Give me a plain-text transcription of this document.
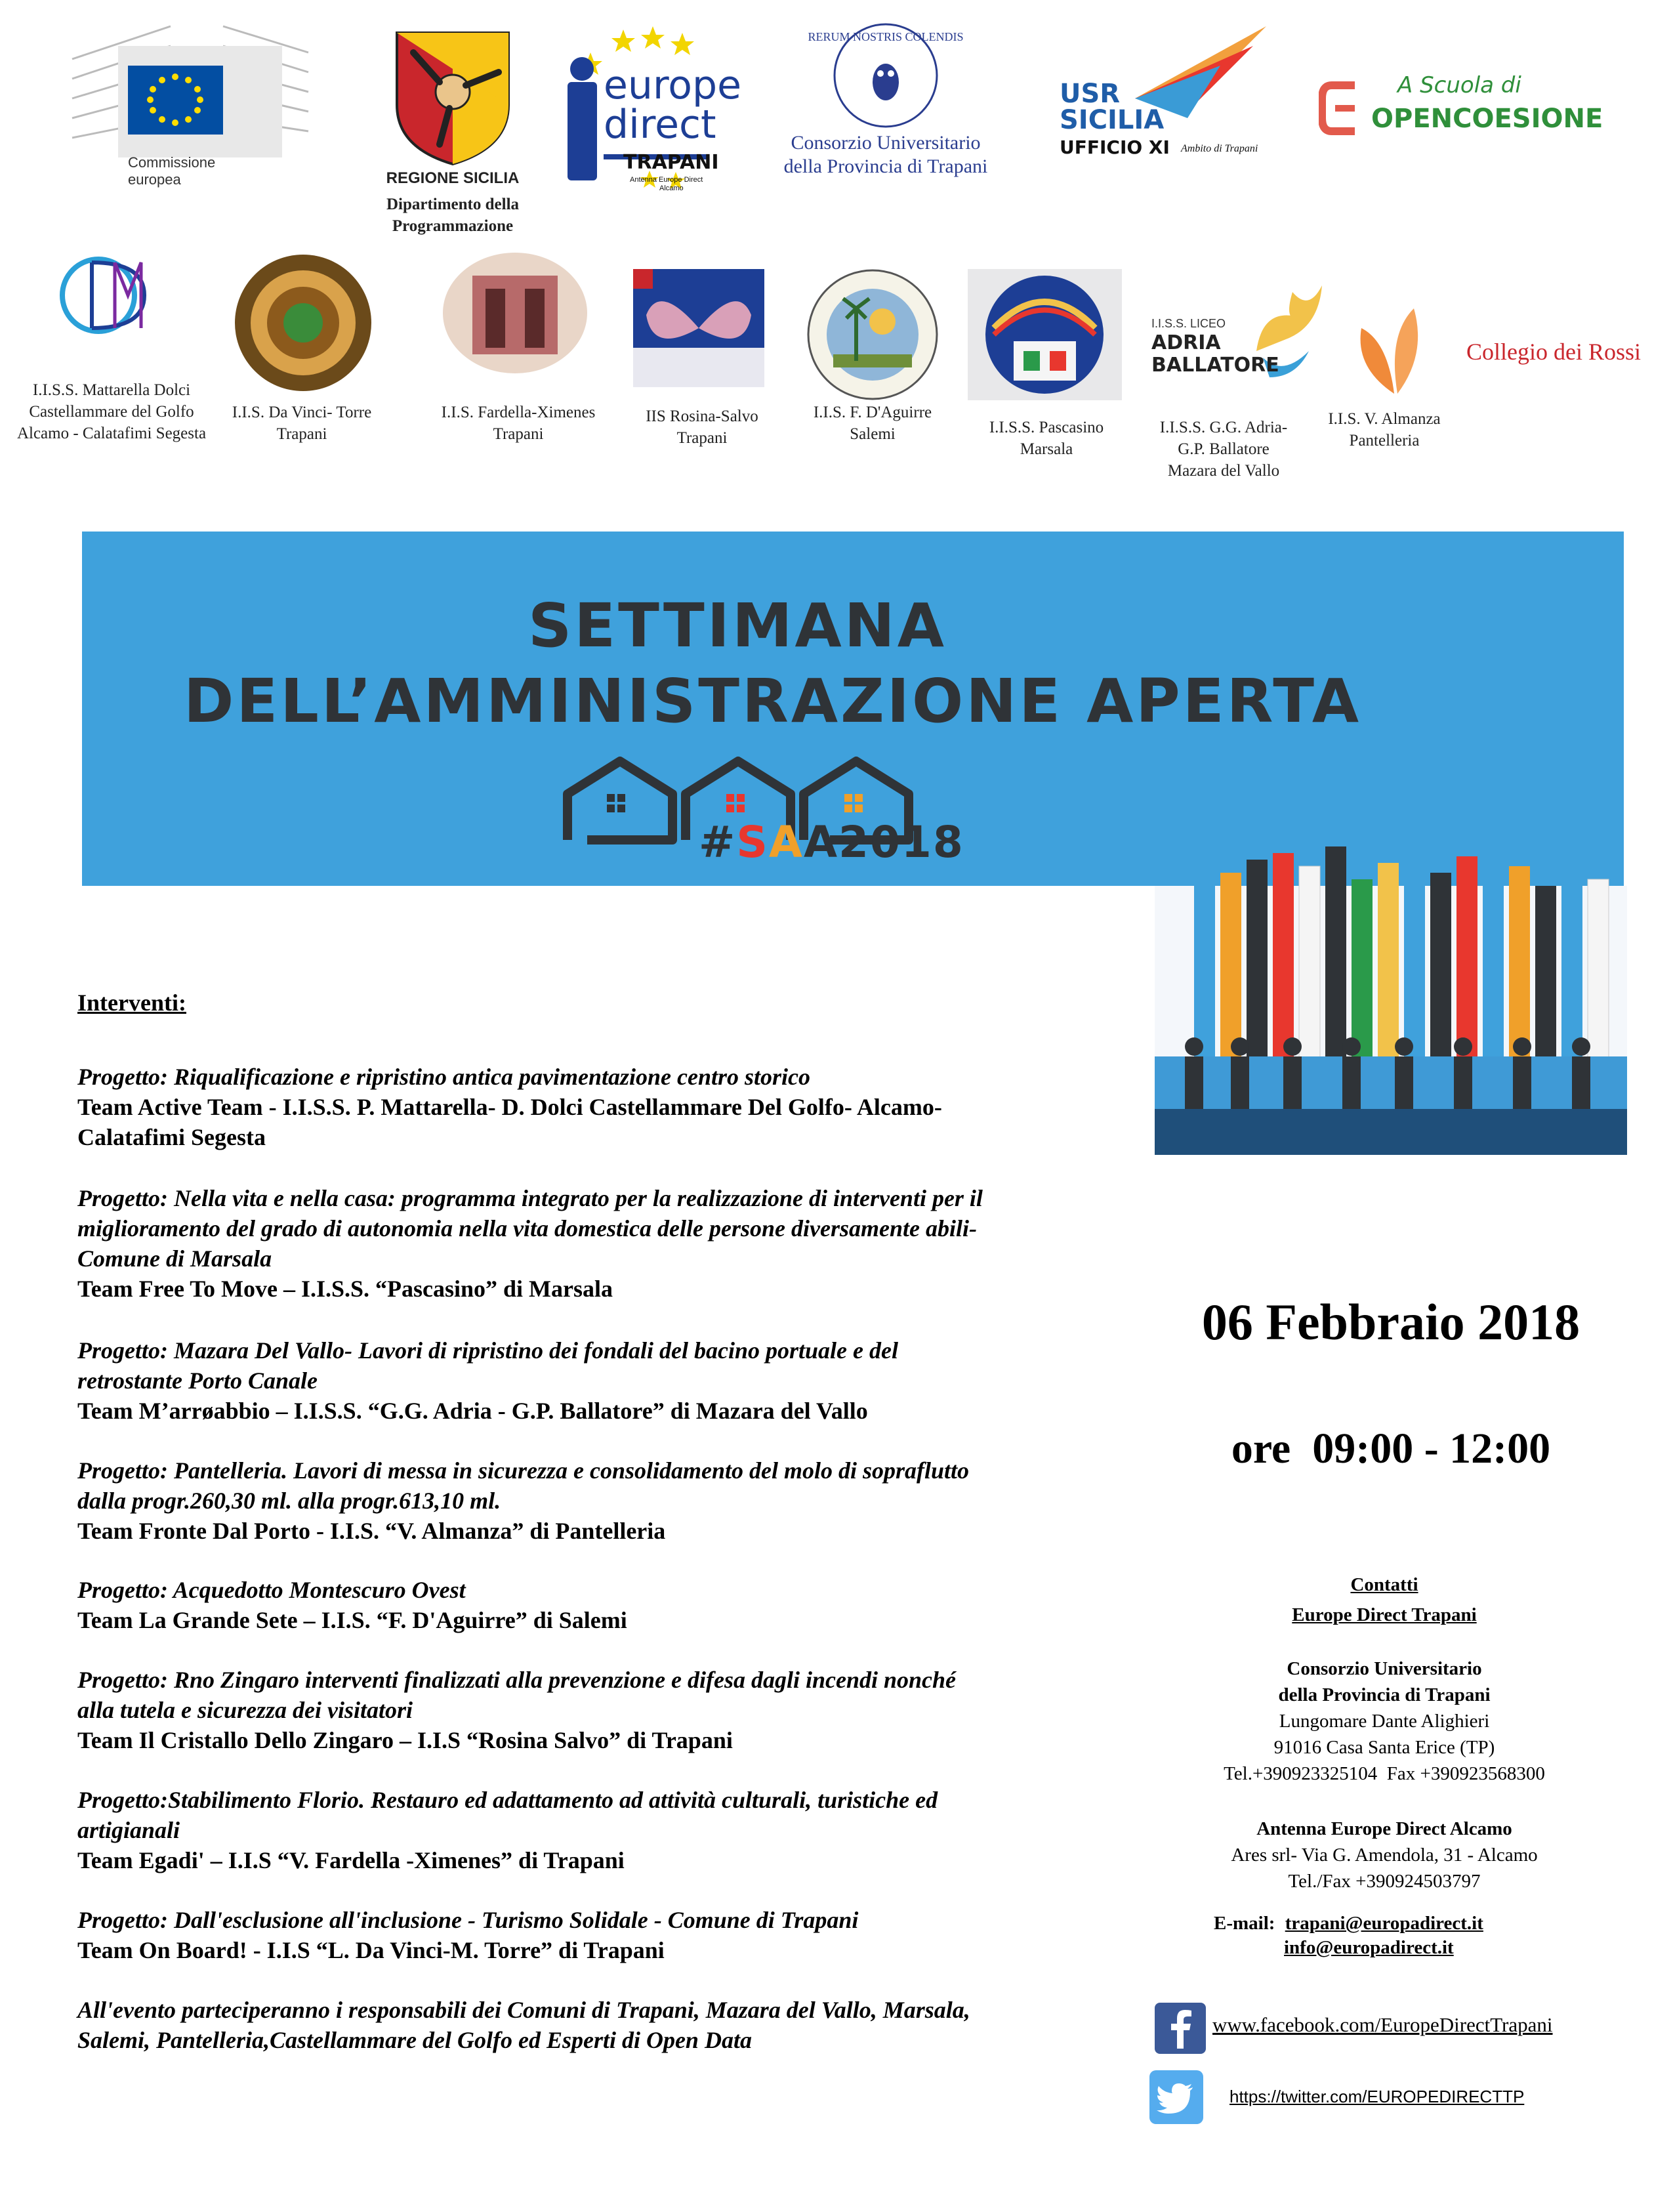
Commissione
europea	REGIONE SICILIA
Dipartimento della
Programmazione
europe
direct
TRAPANI
Antenna Europe Direct
Alcamo
RERUM NOSTRIS COLENDIS
Consorzio Universitario
della Provincia di Trapani
USR
SICILIA
UFFICIO XI Ambito di Trapani
A Scuola di
OPENCOESIONE
I.I.S.S. LICEO
ADRIA
BALLATORE
Collegio dei Rossi
I.I.S.S. Mattarella Dolci
Castellammare del Golfo
Alcamo - Calatafimi Segesta
I.I.S. Da Vinci- Torre
Trapani
I.I.S. Fardella-Ximenes
Trapani
IIS Rosina-Salvo
Trapani
I.I.S. F. D'Aguirre
Salemi	I.I.S.S. Pascasino
Marsala
I.I.S.S. G.G. Adria-
G.P. Ballatore
Mazara del Vallo
I.I.S. V. Almanza
Pantelleria
SETTIMANA
DELL’AMMINISTRAZIONE APERTA
#SAA2018
Interventi:
Progetto: Riqualificazione e ripristino antica pavimentazione centro storico
Team Active Team - I.I.S.S. P. Mattarella- D. Dolci Castellammare Del Golfo- Alcamo-
Calatafimi Segesta
Progetto: Nella vita e nella casa: programma integrato per la realizzazione di interventi per il
miglioramento del grado di autonomia nella vita domestica delle persone diversamente abili-
Comune di Marsala
Team Free To Move – I.I.S.S. “Pascasino” di Marsala
Progetto: Mazara Del Vallo- Lavori di ripristino dei fondali del bacino portuale e del
retrostante Porto Canale
Team M’arrøabbio – I.I.S.S. “G.G. Adria - G.P. Ballatore” di Mazara del Vallo
Progetto: Pantelleria. Lavori di messa in sicurezza e consolidamento del molo di sopraflutto
dalla progr.260,30 ml. alla progr.613,10 ml.
Team Fronte Dal Porto - I.I.S. “V. Almanza” di Pantelleria
Progetto: Acquedotto Montescuro Ovest
Team La Grande Sete – I.I.S. “F. D'Aguirre” di Salemi
Progetto: Rno Zingaro interventi finalizzati alla prevenzione e difesa dagli incendi nonché
alla tutela e sicurezza dei visitatori
Team Il Cristallo Dello Zingaro – I.I.S “Rosina Salvo” di Trapani
Progetto:Stabilimento Florio. Restauro ed adattamento ad attività culturali, turistiche ed
artigianali
Team Egadi' – I.I.S “V. Fardella -Ximenes” di Trapani
Progetto: Dall'esclusione all'inclusione - Turismo Solidale - Comune di Trapani
Team On Board! - I.I.S “L. Da Vinci-M. Torre” di Trapani
All'evento parteciperanno i responsabili dei Comuni di Trapani, Mazara del Vallo, Marsala,
Salemi, Pantelleria,Castellammare del Golfo ed Esperti di Open Data
06 Febbraio 2018
ore  09:00 - 12:00
Contatti
Europe Direct Trapani
Consorzio Universitario
della Provincia di Trapani
Lungomare Dante Alighieri
91016 Casa Santa Erice (TP)
Tel.+390923325104  Fax +390923568300
Antenna Europe Direct Alcamo
Ares srl- Via G. Amendola, 31 - Alcamo
Tel./Fax +390924503797
E-mail: trapani@europadirect.it
info@europadirect.it
www.facebook.com/EuropeDirectTrapani
https://twitter.com/EUROPEDIRECTTP
